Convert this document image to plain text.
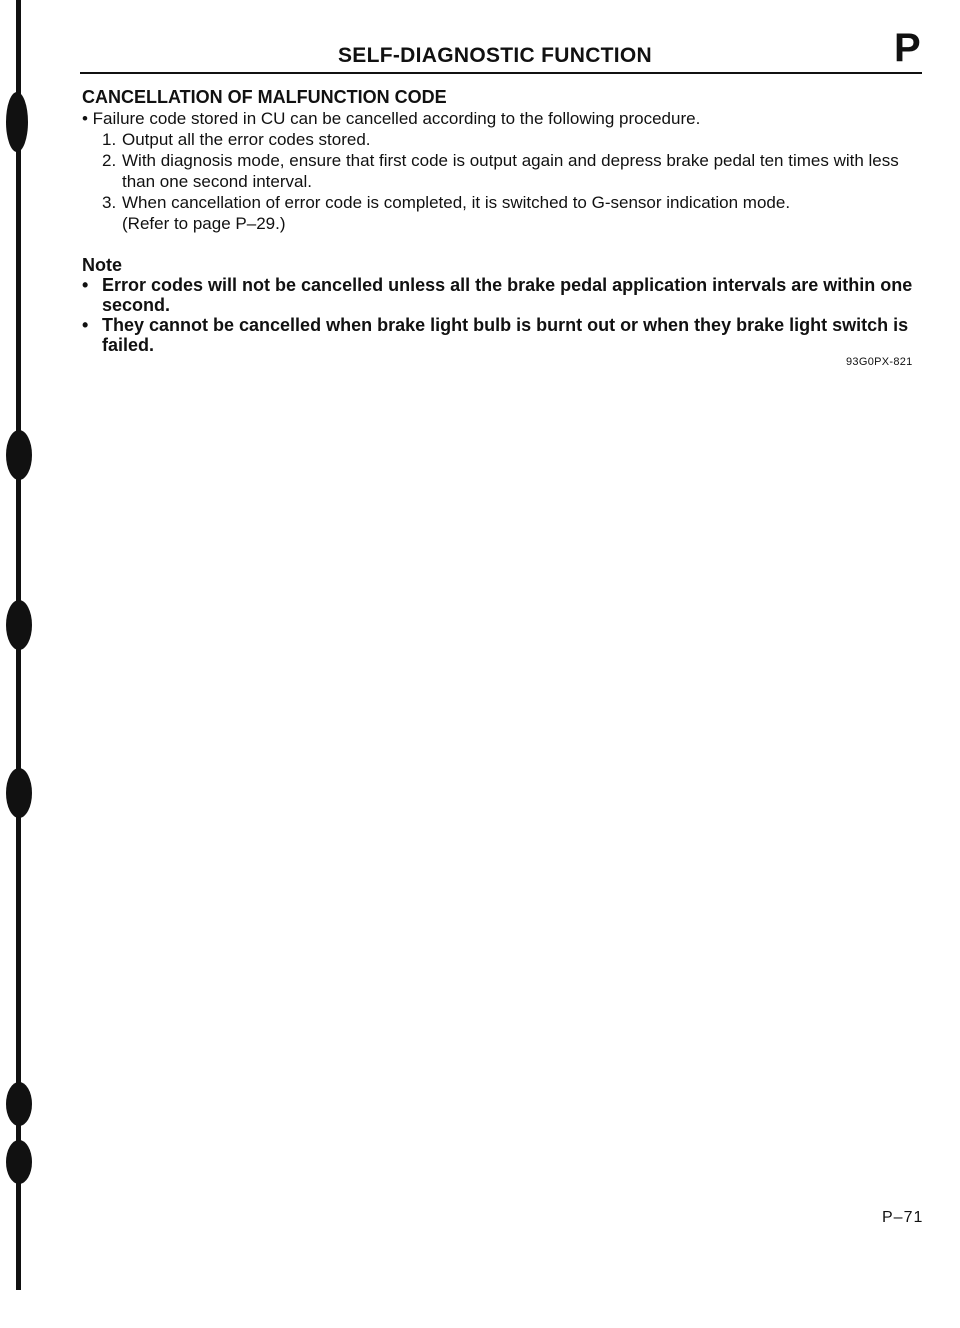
SELF-DIAGNOSTIC FUNCTION	P

CANCELLATION OF MALFUNCTION CODE

• Failure code stored in CU can be cancelled according to the following procedure.

1. Output all the error codes stored.
2. With diagnosis mode, ensure that first code is output again and depress brake pedal ten times with less than one second interval.
3. When cancellation of error code is completed, it is switched to G-sensor indication mode.
(Refer to page P–29.)

Note

• Error codes will not be cancelled unless all the brake pedal application intervals are within one second.

• They cannot be cancelled when brake light bulb is burnt out or when they brake light switch is failed.

93G0PX-821
P–71
